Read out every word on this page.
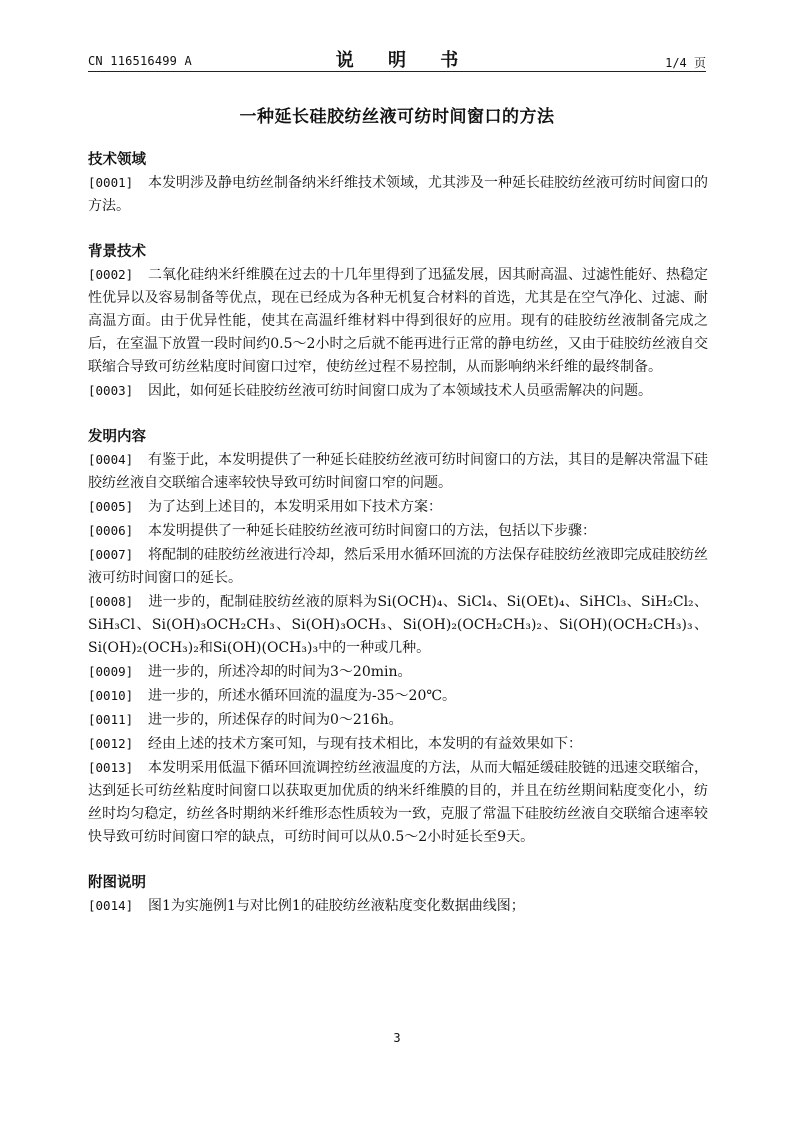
CN 116516499 A	说 明 书	1/4 页
一种延长硅胶纺丝液可纺时间窗口的方法
技术领域

[0001] 本发明涉及静电纺丝制备纳米纤维技术领域，尤其涉及一种延长硅胶纺丝液可纺时间窗口的方法。

背景技术

[0002] 二氧化硅纳米纤维膜在过去的十几年里得到了迅猛发展，因其耐高温、过滤性能好、热稳定性优异以及容易制备等优点，现在已经成为各种无机复合材料的首选，尤其是在空气净化、过滤、耐高温方面。由于优异性能，使其在高温纤维材料中得到很好的应用。现有的硅胶纺丝液制备完成之后，在室温下放置一段时间约0.5～2小时之后就不能再进行正常的静电纺丝，又由于硅胶纺丝液自交联缩合导致可纺丝粘度时间窗口过窄，使纺丝过程不易控制，从而影响纳米纤维的最终制备。

[0003] 因此，如何延长硅胶纺丝液可纺时间窗口成为了本领域技术人员亟需解决的问题。

发明内容

[0004] 有鉴于此，本发明提供了一种延长硅胶纺丝液可纺时间窗口的方法，其目的是解决常温下硅胶纺丝液自交联缩合速率较快导致可纺时间窗口窄的问题。

[0005] 为了达到上述目的，本发明采用如下技术方案：

[0006] 本发明提供了一种延长硅胶纺丝液可纺时间窗口的方法，包括以下步骤：

[0007] 将配制的硅胶纺丝液进行冷却，然后采用水循环回流的方法保存硅胶纺丝液即完成硅胶纺丝液可纺时间窗口的延长。

[0008] 进一步的，配制硅胶纺丝液的原料为Si(OCH)₄、SiCl₄、Si(OEt)₄、SiHCl₃、SiH₂Cl₂、SiH₃Cl、Si(OH)₃OCH₂CH₃、Si(OH)₃OCH₃、Si(OH)₂(OCH₂CH₃)₂、Si(OH)(OCH₂CH₃)₃、Si(OH)₂(OCH₃)₂和Si(OH)(OCH₃)₃中的一种或几种。

[0009] 进一步的，所述冷却的时间为3～20min。

[0010] 进一步的，所述水循环回流的温度为-35～20℃。

[0011] 进一步的，所述保存的时间为0～216h。

[0012] 经由上述的技术方案可知，与现有技术相比，本发明的有益效果如下：

[0013] 本发明采用低温下循环回流调控纺丝液温度的方法，从而大幅延缓硅胶链的迅速交联缩合，达到延长可纺丝粘度时间窗口以获取更加优质的纳米纤维膜的目的，并且在纺丝期间粘度变化小，纺丝时均匀稳定，纺丝各时期纳米纤维形态性质较为一致，克服了常温下硅胶纺丝液自交联缩合速率较快导致可纺时间窗口窄的缺点，可纺时间可以从0.5～2小时延长至9天。

附图说明

[0014] 图1为实施例1与对比例1的硅胶纺丝液粘度变化数据曲线图；

3
